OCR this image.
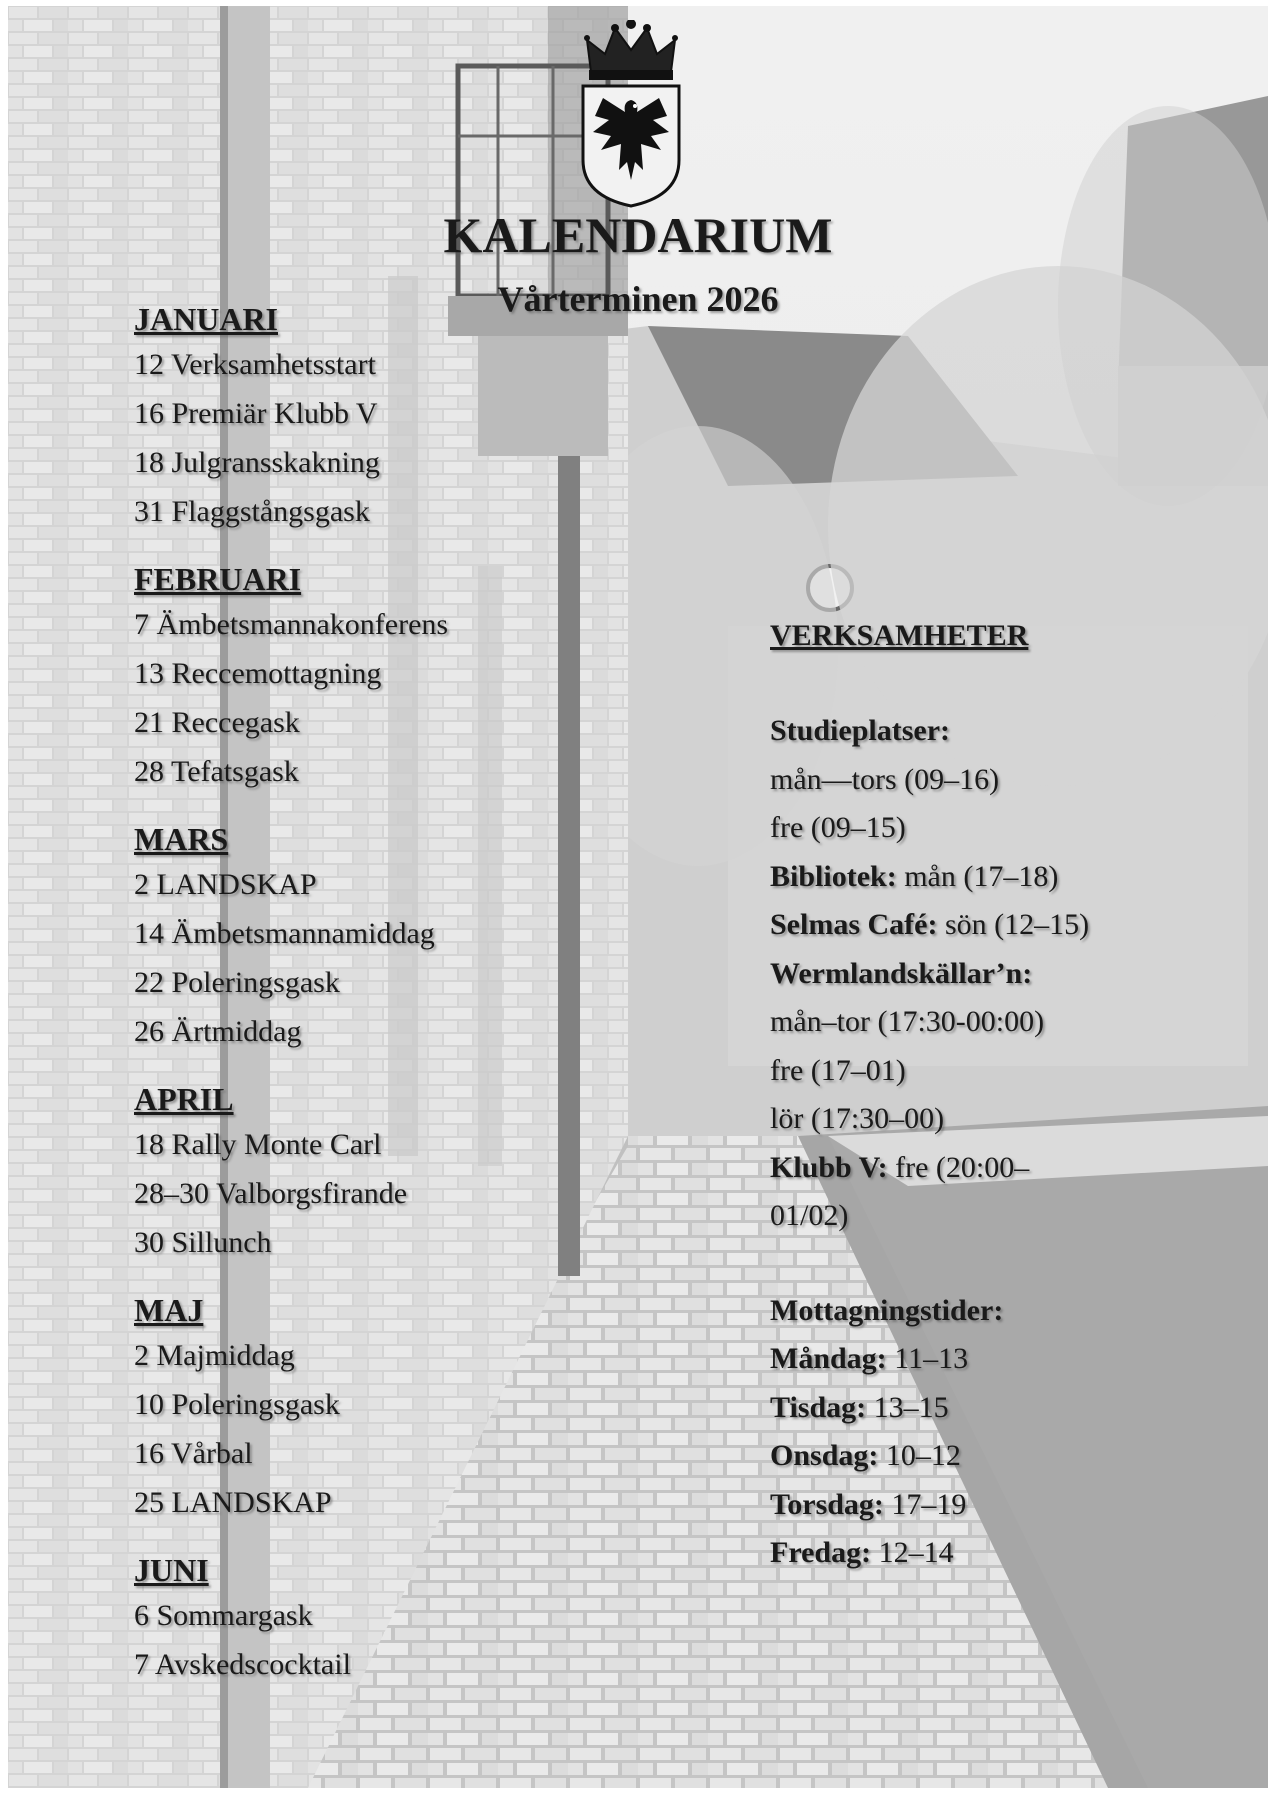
KALENDARIUM
Vårterminen 2026
JANUARI
12 Verksamhetsstart
16 Premiär Klubb V
18 Julgransskakning
31 Flaggstångsgask
FEBRUARI
7 Ämbetsmannakonferens
13 Reccemottagning
21 Reccegask
28 Tefatsgask
MARS
2 LANDSKAP
14 Ämbetsmannamiddag
22 Poleringsgask
26 Ärtmiddag
APRIL
18 Rally Monte Carl
28–30 Valborgsfirande
30 Sillunch
MAJ
2 Majmiddag
10 Poleringsgask
16 Vårbal
25 LANDSKAP
JUNI
6 Sommargask
7 Avskedscocktail
VERKSAMHETER
Studieplatser:
mån—tors (09–16)
fre (09–15)
Bibliotek: mån (17–18)
Selmas Café: sön (12–15)
Wermlandskällar’n:
mån–tor (17:30-00:00)
fre (17–01)
lör (17:30–00)
Klubb V: fre (20:00–
01/02)
Mottagningstider:
Måndag: 11–13
Tisdag: 13–15
Onsdag: 10–12
Torsdag: 17–19
Fredag: 12–14
